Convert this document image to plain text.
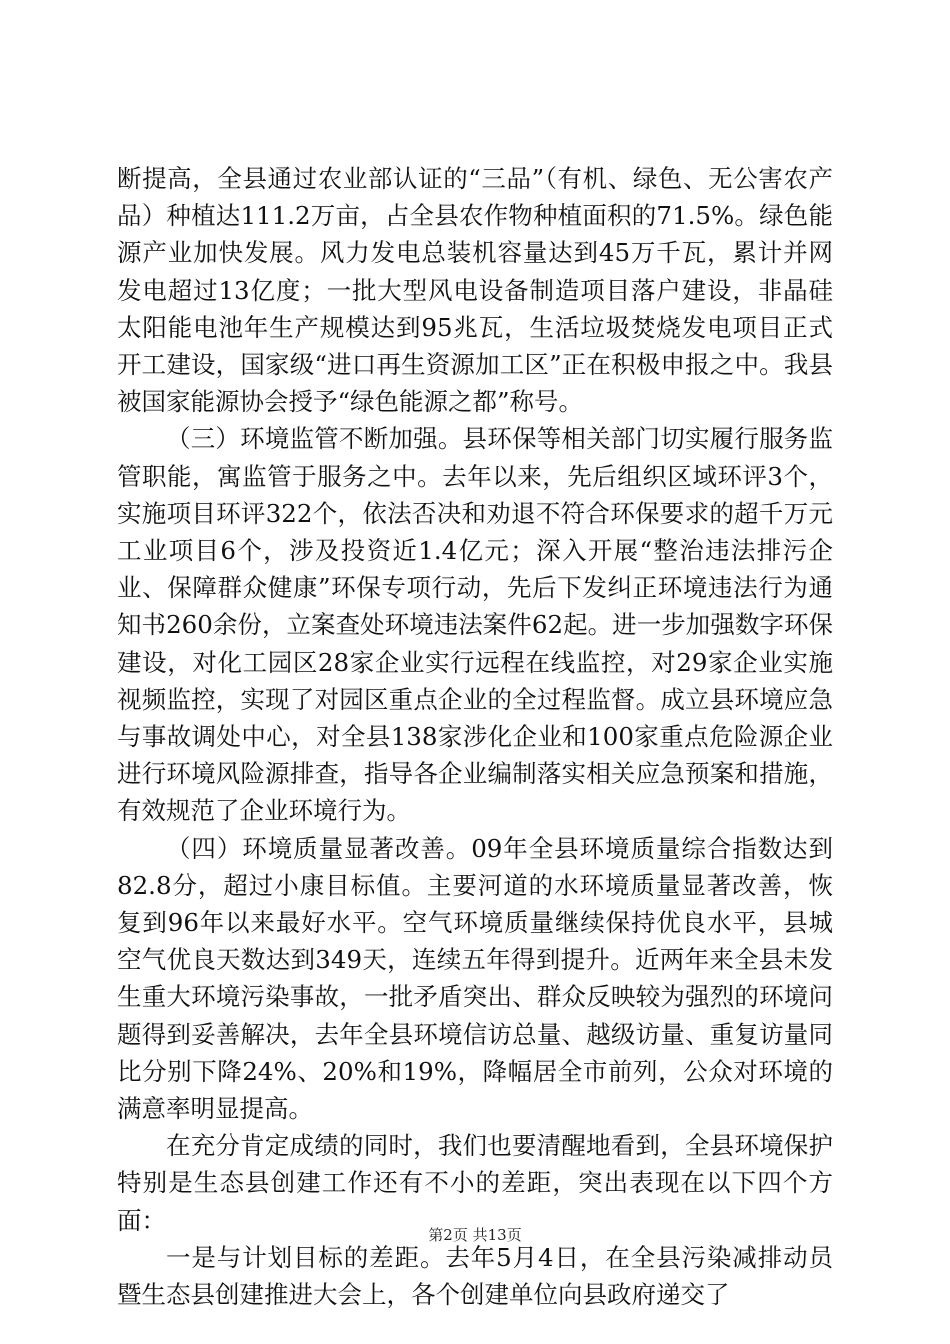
断提高，全县通过农业部认证的“三品”（有机、绿色、无公害农产品）种植达111.2万亩，占全县农作物种植面积的71.5%。绿色能源产业加快发展。风力发电总装机容量达到45万千瓦，累计并网发电超过13亿度；一批大型风电设备制造项目落户建设，非晶硅太阳能电池年生产规模达到95兆瓦，生活垃圾焚烧发电项目正式开工建设，国家级“进口再生资源加工区”正在积极申报之中。我县被国家能源协会授予“绿色能源之都”称号。

（三）环境监管不断加强。县环保等相关部门切实履行服务监管职能，寓监管于服务之中。去年以来，先后组织区域环评3个，实施项目环评322个，依法否决和劝退不符合环保要求的超千万元工业项目6个，涉及投资近1.4亿元；深入开展“整治违法排污企业、保障群众健康”环保专项行动，先后下发纠正环境违法行为通知书260余份，立案查处环境违法案件62起。进一步加强数字环保建设，对化工园区28家企业实行远程在线监控，对29家企业实施视频监控，实现了对园区重点企业的全过程监督。成立县环境应急与事故调处中心，对全县138家涉化企业和100家重点危险源企业进行环境风险源排查，指导各企业编制落实相关应急预案和措施，有效规范了企业环境行为。

（四）环境质量显著改善。09年全县环境质量综合指数达到82.8分，超过小康目标值。主要河道的水环境质量显著改善，恢复到96年以来最好水平。空气环境质量继续保持优良水平，县城空气优良天数达到349天，连续五年得到提升。近两年来全县未发生重大环境污染事故，一批矛盾突出、群众反映较为强烈的环境问题得到妥善解决，去年全县环境信访总量、越级访量、重复访量同比分别下降24%、20%和19%，降幅居全市前列，公众对环境的满意率明显提高。

在充分肯定成绩的同时，我们也要清醒地看到，全县环境保护特别是生态县创建工作还有不小的差距，突出表现在以下四个方面：

一是与计划目标的差距。去年5月4日，在全县污染减排动员暨生态县创建推进大会上，各个创建单位向县政府递交了

第2页 共13页
